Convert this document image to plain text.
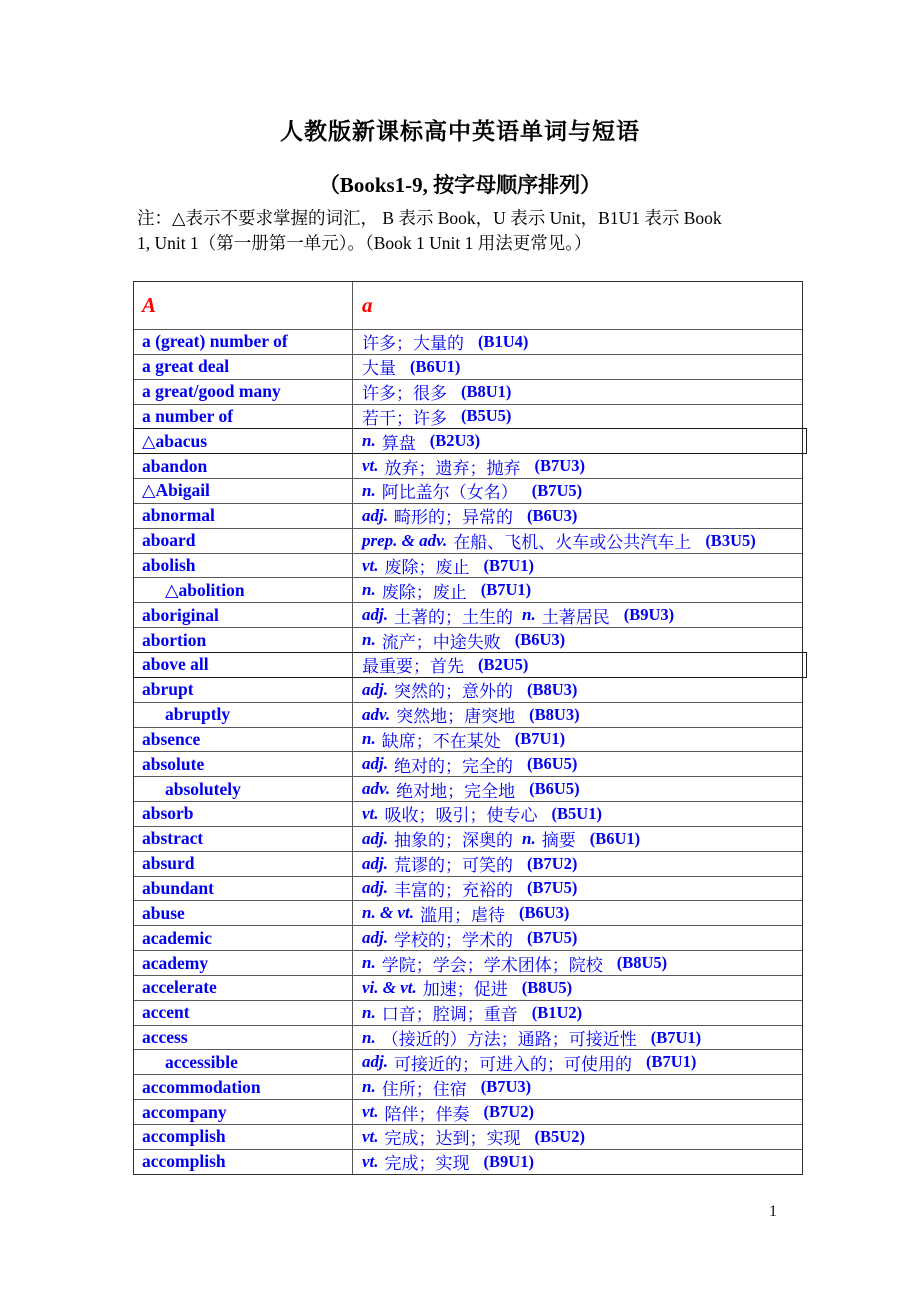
人教版新课标高中英语单词与短语
（Books1-9, 按字母顺序排列）
注：△表示不要求掌握的词汇， B 表示 Book，U 表示 Unit，B1U1 表示 Book
1, Unit 1（第一册第一单元）。（Book 1 Unit 1 用法更常见。）
A	a
a (great) number of	许多；大量的 (B1U4)
a great deal	大量 (B6U1)
a great/good many	许多；很多 (B8U1)
a number of	若干；许多 (B5U5)
△abacus	n. 算盘 (B2U3)
abandon	vt. 放弃；遗弃；抛弃 (B7U3)
△Abigail	n. 阿比盖尔（女名） (B7U5)
abnormal	adj. 畸形的；异常的 (B6U3)
aboard	prep. & adv. 在船、飞机、火车或公共汽车上 (B3U5)
abolish	vt. 废除；废止 (B7U1)
△abolition	n. 废除；废止 (B7U1)
aboriginal	adj. 土著的；土生的 n. 土著居民 (B9U3)
abortion	n. 流产；中途失败 (B6U3)
above all	最重要；首先 (B2U5)
abrupt	adj. 突然的；意外的 (B8U3)
abruptly	adv. 突然地；唐突地 (B8U3)
absence	n. 缺席；不在某处 (B7U1)
absolute	adj. 绝对的；完全的 (B6U5)
absolutely	adv. 绝对地；完全地 (B6U5)
absorb	vt. 吸收；吸引；使专心 (B5U1)
abstract	adj. 抽象的；深奥的 n. 摘要 (B6U1)
absurd	adj. 荒谬的；可笑的 (B7U2)
abundant	adj. 丰富的；充裕的 (B7U5)
abuse	n. & vt. 滥用；虐待 (B6U3)
academic	adj. 学校的；学术的 (B7U5)
academy	n. 学院；学会；学术团体；院校 (B8U5)
accelerate	vi. & vt. 加速；促进 (B8U5)
accent	n. 口音；腔调；重音 (B1U2)
access	n. （接近的）方法；通路；可接近性 (B7U1)
accessible	adj. 可接近的；可进入的；可使用的 (B7U1)
accommodation	n. 住所；住宿 (B7U3)
accompany	vt. 陪伴；伴奏 (B7U2)
accomplish	vt. 完成；达到；实现 (B5U2)
accomplish	vt. 完成；实现 (B9U1)
1
